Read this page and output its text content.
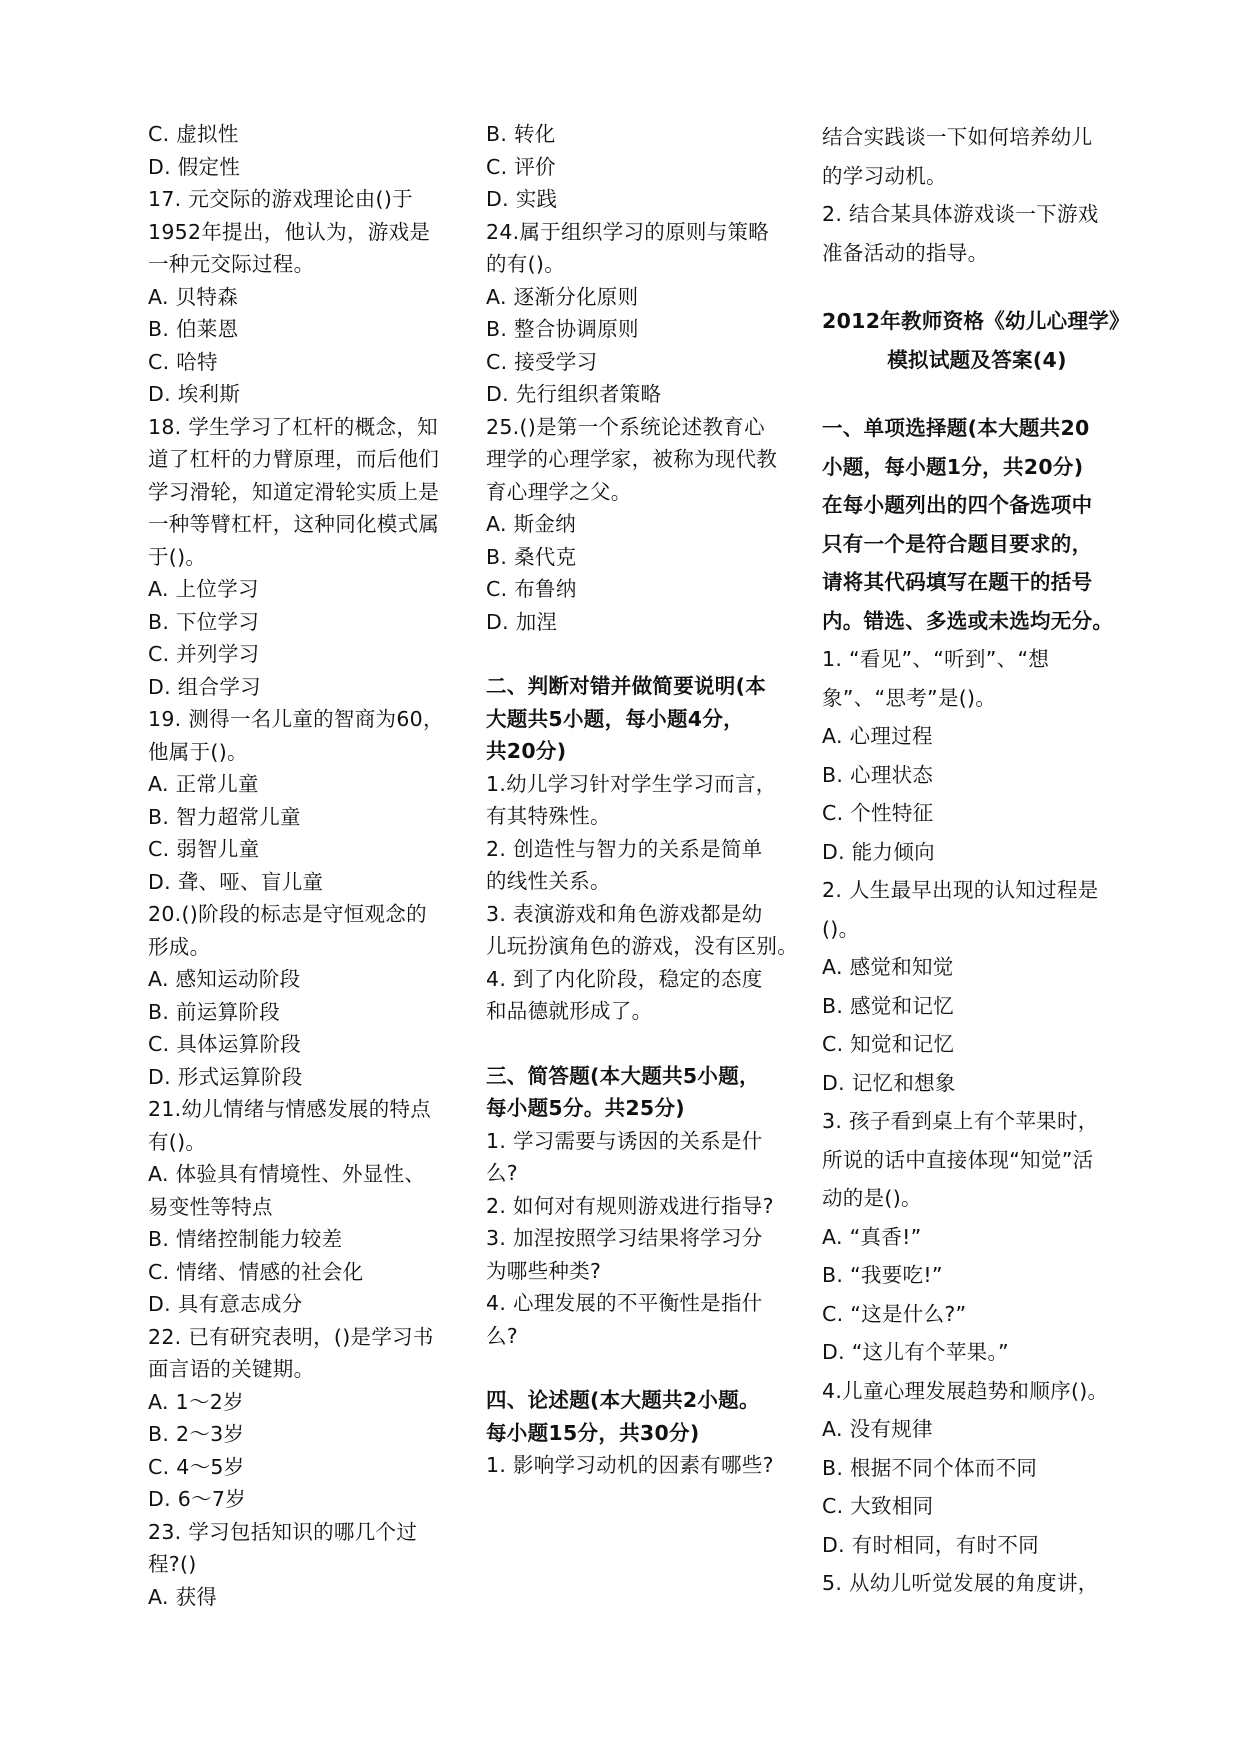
C. 虚拟性
D. 假定性
17. 元交际的游戏理论由()于
1952年提出，他认为，游戏是
一种元交际过程。
A. 贝特森
B. 伯莱恩
C. 哈特
D. 埃利斯
18. 学生学习了杠杆的概念，知
道了杠杆的力臂原理，而后他们
学习滑轮，知道定滑轮实质上是
一种等臂杠杆，这种同化模式属
于()。
A. 上位学习
B. 下位学习
C. 并列学习
D. 组合学习
19. 测得一名儿童的智商为60，
他属于()。
A. 正常儿童
B. 智力超常儿童
C. 弱智儿童
D. 聋、哑、盲儿童
20.()阶段的标志是守恒观念的
形成。
A. 感知运动阶段
B. 前运算阶段
C. 具体运算阶段
D. 形式运算阶段
21.幼儿情绪与情感发展的特点
有()。
A. 体验具有情境性、外显性、
易变性等特点
B. 情绪控制能力较差
C. 情绪、情感的社会化
D. 具有意志成分
22. 已有研究表明，()是学习书
面言语的关键期。
A. 1～2岁
B. 2～3岁
C. 4～5岁
D. 6～7岁
23. 学习包括知识的哪几个过
程?()
A. 获得
B. 转化
C. 评价
D. 实践
24.属于组织学习的原则与策略
的有()。
A. 逐渐分化原则
B. 整合协调原则
C. 接受学习
D. 先行组织者策略
25.()是第一个系统论述教育心
理学的心理学家，被称为现代教
育心理学之父。
A. 斯金纳
B. 桑代克
C. 布鲁纳
D. 加涅
二、判断对错并做简要说明(本
大题共5小题，每小题4分，
共20分)
1.幼儿学习针对学生学习而言，
有其特殊性。
2. 创造性与智力的关系是简单
的线性关系。
3. 表演游戏和角色游戏都是幼
儿玩扮演角色的游戏，没有区别。
4. 到了内化阶段，稳定的态度
和品德就形成了。
三、简答题(本大题共5小题，
每小题5分。共25分)
1. 学习需要与诱因的关系是什
么?
2. 如何对有规则游戏进行指导?
3. 加涅按照学习结果将学习分
为哪些种类?
4. 心理发展的不平衡性是指什
么?
四、论述题(本大题共2小题。
每小题15分，共30分)
1. 影响学习动机的因素有哪些?
结合实践谈一下如何培养幼儿
的学习动机。
2. 结合某具体游戏谈一下游戏
准备活动的指导。
2012年教师资格《幼儿心理学》
模拟试题及答案(4)
一、单项选择题(本大题共20
小题，每小题1分，共20分)
在每小题列出的四个备选项中
只有一个是符合题目要求的，
请将其代码填写在题干的括号
内。错选、多选或未选均无分。
1. “看见”、“听到”、“想
象”、“思考”是()。
A. 心理过程
B. 心理状态
C. 个性特征
D. 能力倾向
2. 人生最早出现的认知过程是
()。
A. 感觉和知觉
B. 感觉和记忆
C. 知觉和记忆
D. 记忆和想象
3. 孩子看到桌上有个苹果时，
所说的话中直接体现“知觉”活
动的是()。
A. “真香!”
B. “我要吃!”
C. “这是什么?”
D. “这儿有个苹果。”
4.儿童心理发展趋势和顺序()。
A. 没有规律
B. 根据不同个体而不同
C. 大致相同
D. 有时相同，有时不同
5. 从幼儿听觉发展的角度讲，
